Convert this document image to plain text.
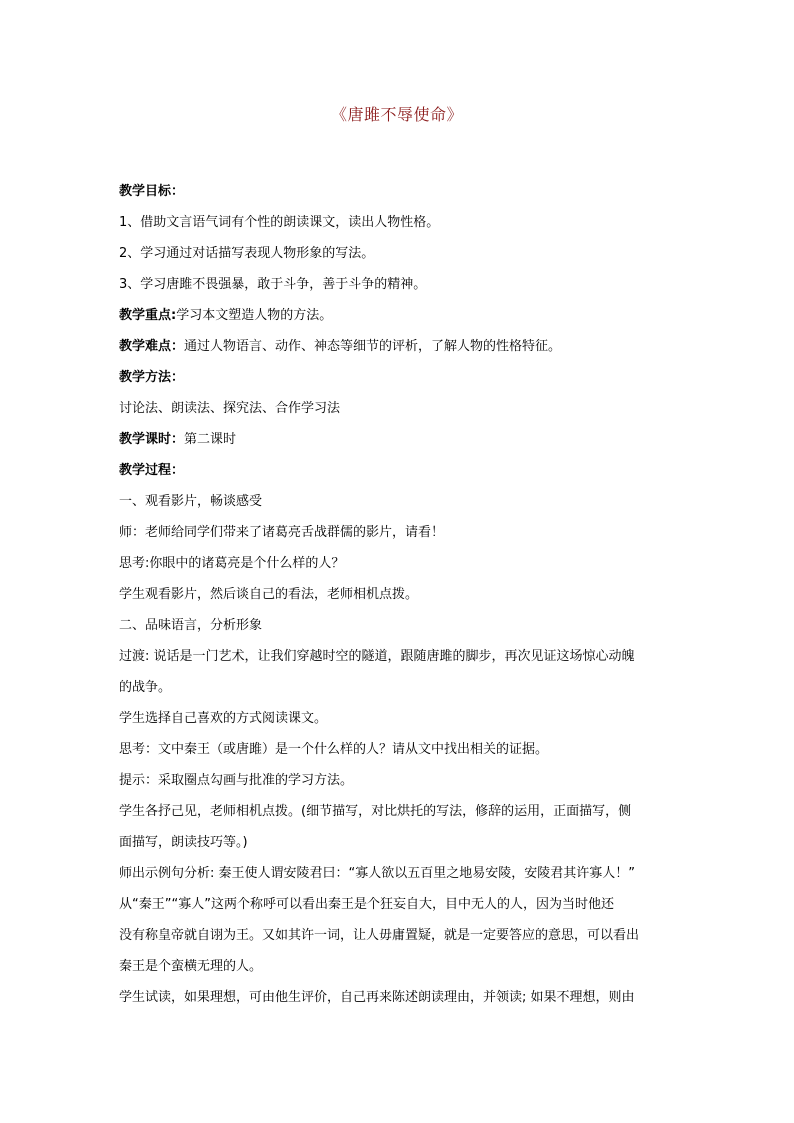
《唐雎不辱使命》
教学目标：
1、借助文言语气词有个性的朗读课文，读出人物性格。
2、学习通过对话描写表现人物形象的写法。
3、学习唐雎不畏强暴，敢于斗争，善于斗争的精神。
教学重点:学习本文塑造人物的方法。
教学难点：通过人物语言、动作、神态等细节的评析，了解人物的性格特征。
教学方法：
讨论法、朗读法、探究法、合作学习法
教学课时：第二课时
教学过程：
一、观看影片，畅谈感受
师：老师给同学们带来了诸葛亮舌战群儒的影片，请看！
思考:你眼中的诸葛亮是个什么样的人？
学生观看影片，然后谈自己的看法，老师相机点拨。
二、品味语言，分析形象
过渡: 说话是一门艺术，让我们穿越时空的隧道，跟随唐雎的脚步，再次见证这场惊心动魄
的战争。
学生选择自己喜欢的方式阅读课文。
思考：文中秦王（或唐雎）是一个什么样的人？请从文中找出相关的证据。
提示：采取圈点勾画与批准的学习方法。
学生各抒己见，老师相机点拨。(细节描写，对比烘托的写法，修辞的运用，正面描写，侧
面描写，朗读技巧等。)
师出示例句分析: 秦王使人谓安陵君曰：“寡人欲以五百里之地易安陵，安陵君其许寡人！”
从“秦王”“寡人”这两个称呼可以看出秦王是个狂妄自大，目中无人的人，因为当时他还
没有称皇帝就自诩为王。又如其许一词，让人毋庸置疑，就是一定要答应的意思，可以看出
秦王是个蛮横无理的人。
学生试读，如果理想，可由他生评价，自己再来陈述朗读理由，并领读; 如果不理想，则由
